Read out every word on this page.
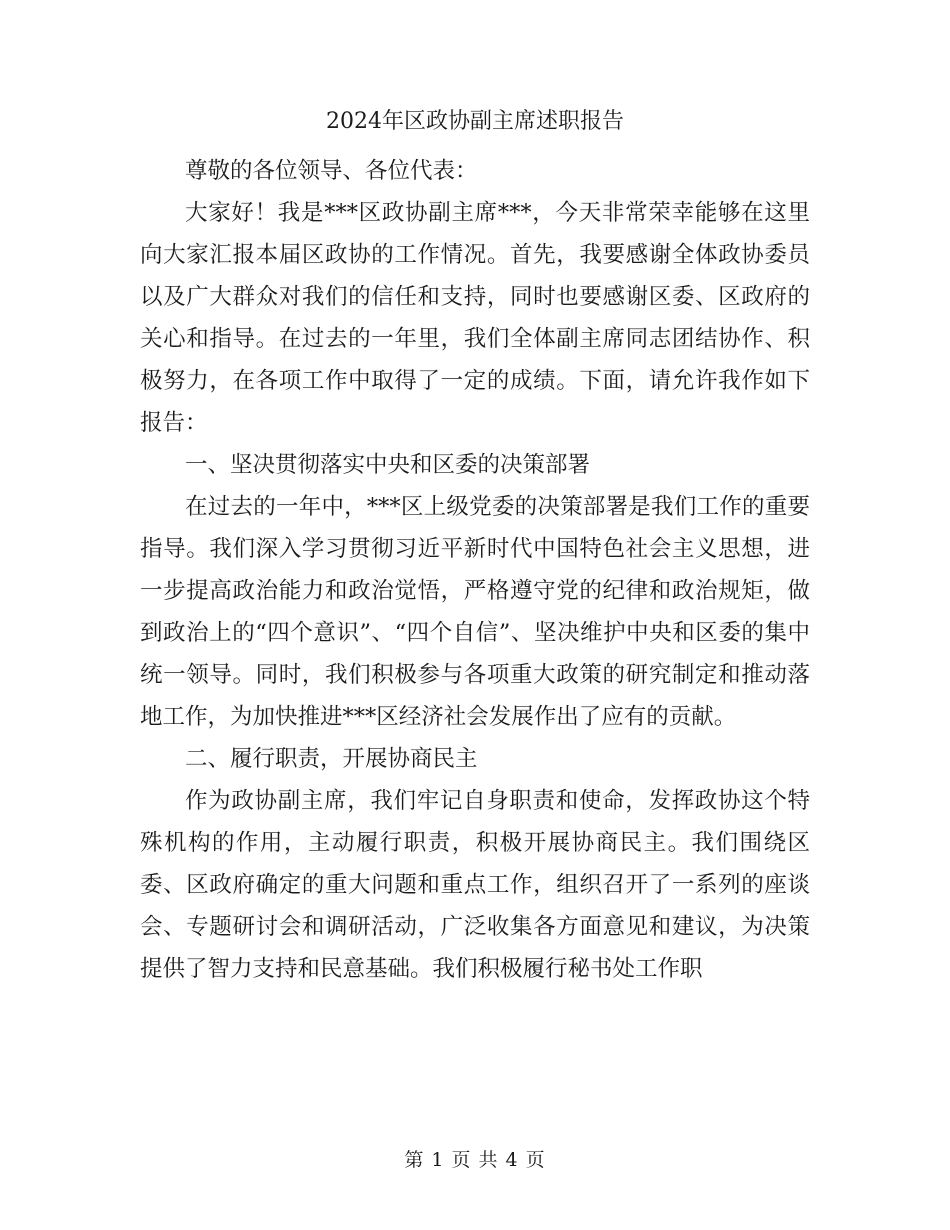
2024年区政协副主席述职报告

尊敬的各位领导、各位代表：

大家好！我是***区政协副主席***，今天非常荣幸能够在这里向大家汇报本届区政协的工作情况。首先，我要感谢全体政协委员以及广大群众对我们的信任和支持，同时也要感谢区委、区政府的关心和指导。在过去的一年里，我们全体副主席同志团结协作、积极努力，在各项工作中取得了一定的成绩。下面，请允许我作如下报告：

一、坚决贯彻落实中央和区委的决策部署

在过去的一年中，***区上级党委的决策部署是我们工作的重要指导。我们深入学习贯彻习近平新时代中国特色社会主义思想，进一步提高政治能力和政治觉悟，严格遵守党的纪律和政治规矩，做到政治上的“四个意识”、“四个自信”、坚决维护中央和区委的集中统一领导。同时，我们积极参与各项重大政策的研究制定和推动落地工作，为加快推进***区经济社会发展作出了应有的贡献。

二、履行职责，开展协商民主

作为政协副主席，我们牢记自身职责和使命，发挥政协这个特殊机构的作用，主动履行职责，积极开展协商民主。我们围绕区委、区政府确定的重大问题和重点工作，组织召开了一系列的座谈会、专题研讨会和调研活动，广泛收集各方面意见和建议，为决策提供了智力支持和民意基础。我们积极履行秘书处工作职

第 1 页 共 4 页
